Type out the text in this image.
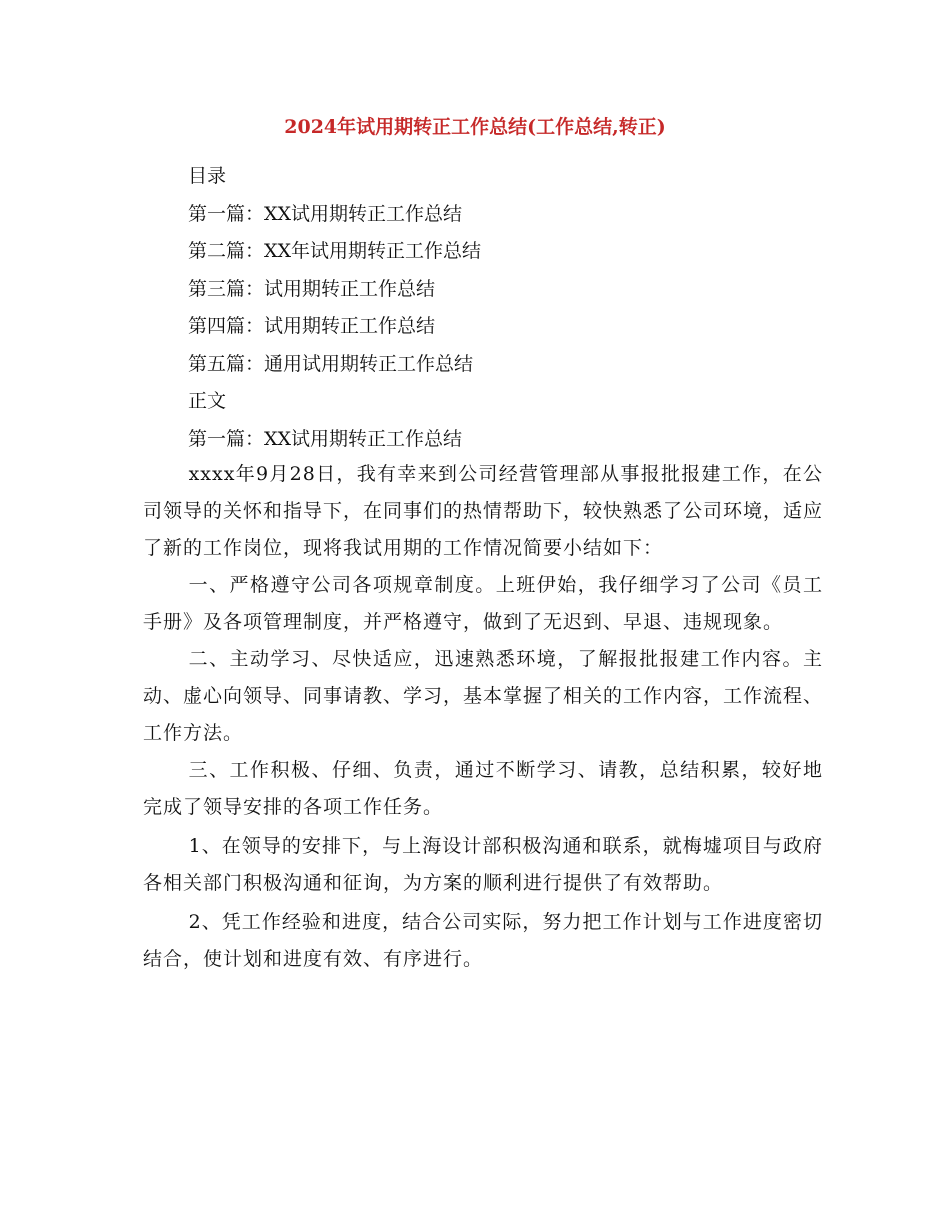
2024年试用期转正工作总结(工作总结,转正)
目录
第一篇：XX试用期转正工作总结
第二篇：XX年试用期转正工作总结
第三篇：试用期转正工作总结
第四篇：试用期转正工作总结
第五篇：通用试用期转正工作总结
正文
第一篇：XX试用期转正工作总结

xxxx年9月28日，我有幸来到公司经营管理部从事报批报建工作，在公司领导的关怀和指导下，在同事们的热情帮助下，较快熟悉了公司环境，适应了新的工作岗位，现将我试用期的工作情况简要小结如下：

一、严格遵守公司各项规章制度。上班伊始，我仔细学习了公司《员工手册》及各项管理制度，并严格遵守，做到了无迟到、早退、违规现象。

二、主动学习、尽快适应，迅速熟悉环境，了解报批报建工作内容。主动、虚心向领导、同事请教、学习，基本掌握了相关的工作内容，工作流程、工作方法。

三、工作积极、仔细、负责，通过不断学习、请教，总结积累，较好地完成了领导安排的各项工作任务。

1、在领导的安排下，与上海设计部积极沟通和联系，就梅墟项目与政府各相关部门积极沟通和征询，为方案的顺利进行提供了有效帮助。

2、凭工作经验和进度，结合公司实际，努力把工作计划与工作进度密切结合，使计划和进度有效、有序进行。
